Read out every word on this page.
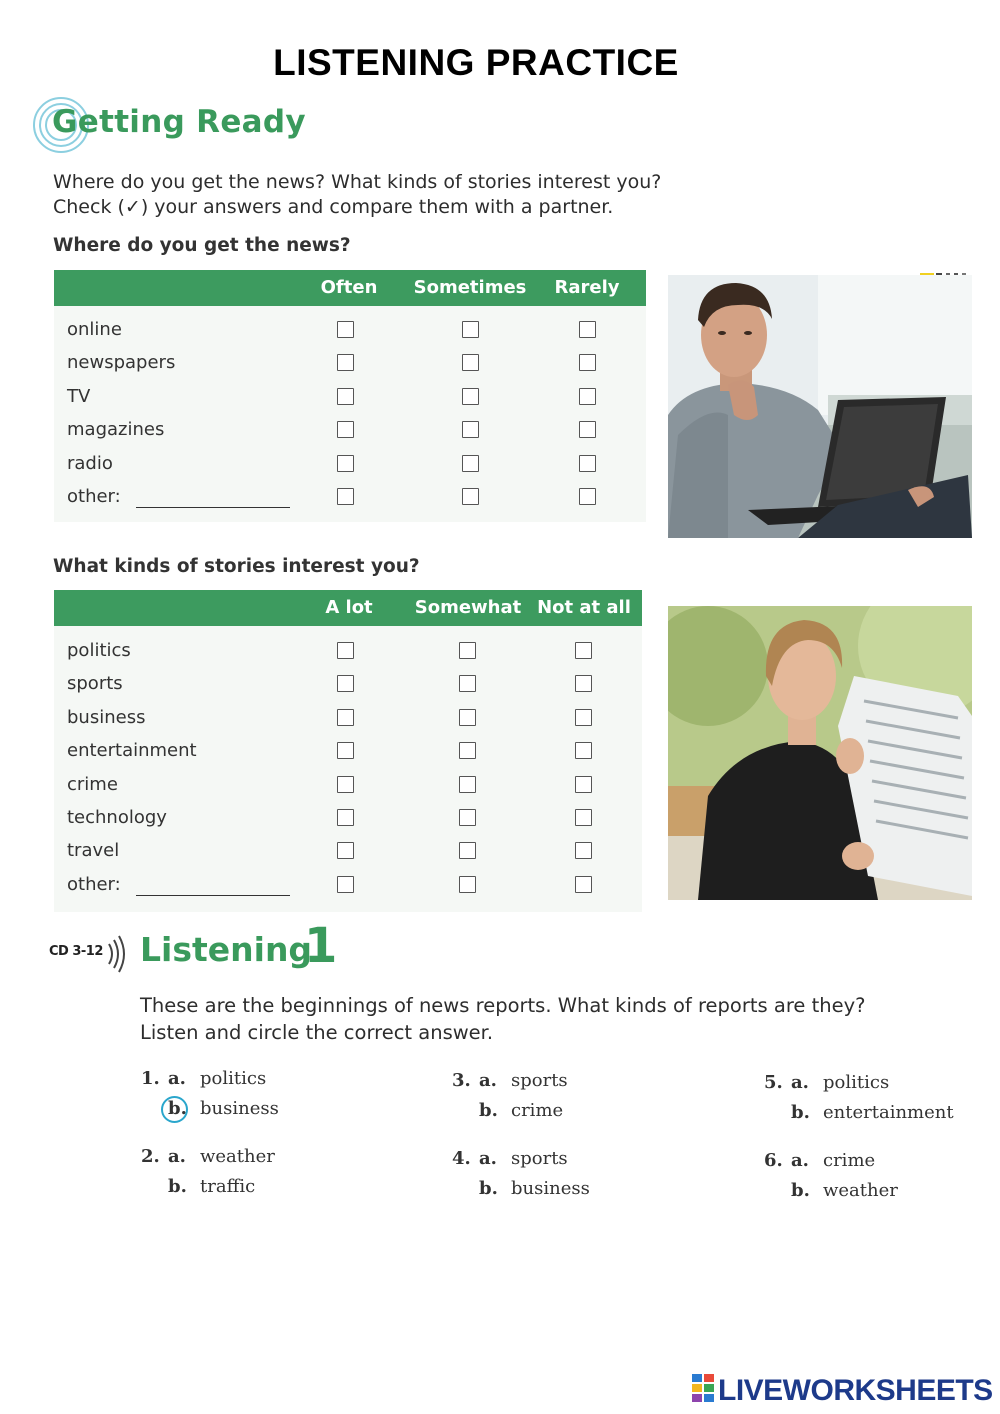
LISTENING PRACTICE
Getting Ready
Where do you get the news? What kinds of stories interest you?
Check (✓) your answers and compare them with a partner.
Where do you get the news?
Often Sometimes Rarely
online
newspapers
TV
magazines
radio
other:
What kinds of stories interest you?
A lot Somewhat Not at all
politics
sports
business
entertainment
crime
technology
travel
other:
CD 3-12 Listening
1
These are the beginnings of news reports. What kinds of reports are they?
Listen and circle the correct answer.
1. a. politics
b. business
2. a. weather
b. traffic
3. a. sports
b. crime
4. a. sports
b. business
5. a. politics
b. entertainment
6. a. crime
b. weather
LIVEWORKSHEETS
